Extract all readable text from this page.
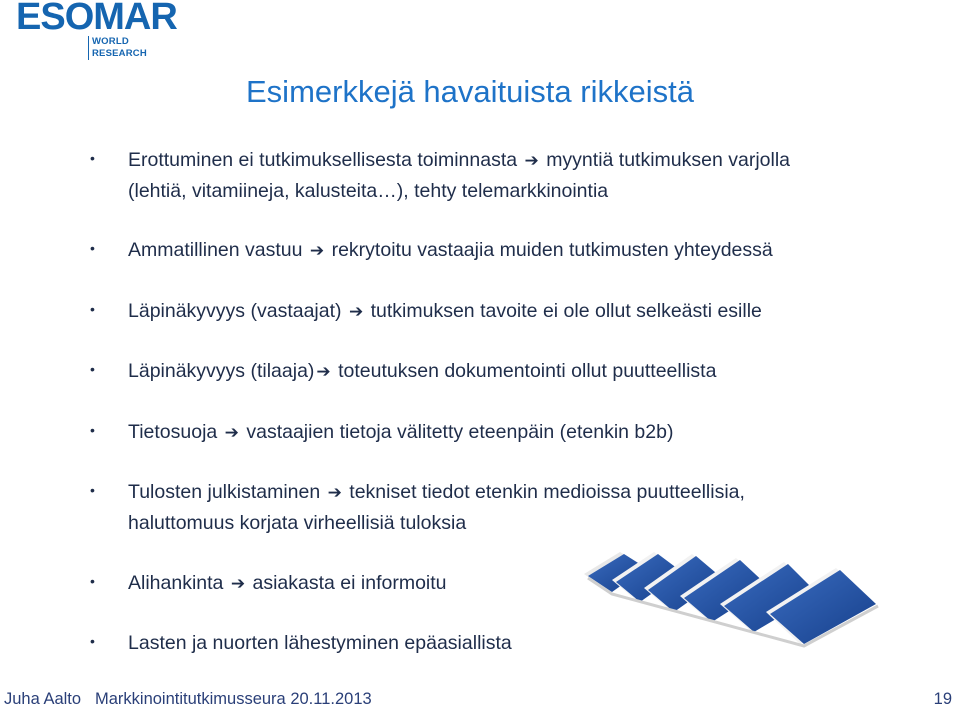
ESOMAR
WORLD RESEARCH
Esimerkkejä havaituista rikkeistä
•	Erottuminen ei tutkimuksellisesta toiminnasta ➔ myyntiä tutkimuksen varjolla
(lehtiä, vitamiineja, kalusteita…), tehty telemarkkinointia
•	Ammatillinen vastuu ➔ rekrytoitu vastaajia muiden tutkimusten yhteydessä
•	Läpinäkyvyys (vastaajat) ➔ tutkimuksen tavoite ei ole ollut selkeästi esille
•	Läpinäkyvyys (tilaaja) ➔ toteutuksen dokumentointi ollut puutteellista
•	Tietosuoja ➔ vastaajien tietoja välitetty eteenpäin (etenkin b2b)
•	Tulosten julkistaminen ➔ tekniset tiedot etenkin medioissa puutteellisia,
haluttomuus korjata virheellisiä tuloksia
•	Alihankinta ➔ asiakasta ei informoitu
•	Lasten ja nuorten lähestyminen epäasiallista
Juha Aalto Markkinointitutkimusseura 20.11.2013	19
